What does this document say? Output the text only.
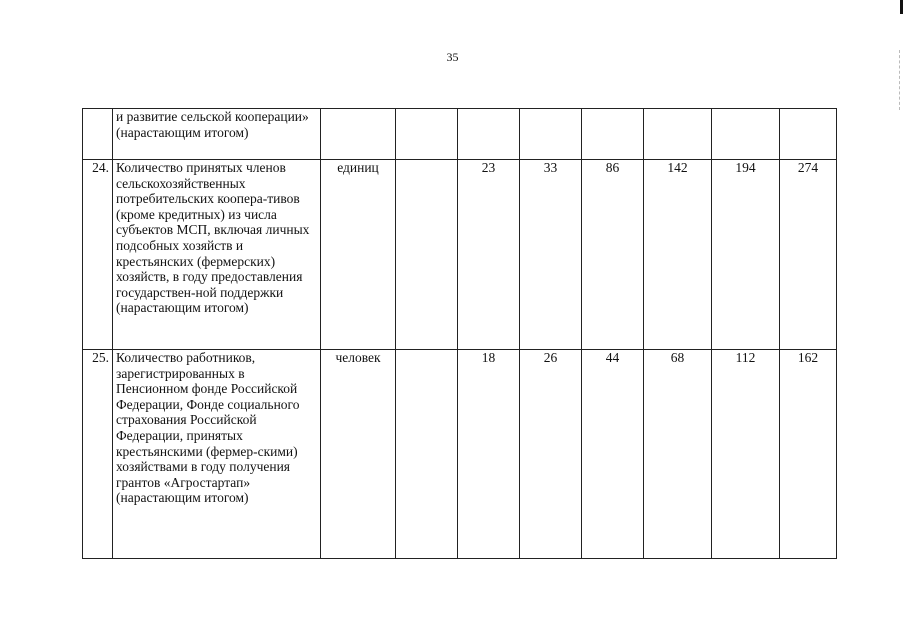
35
	и развитие сельской кооперации» (нарастающим итогом)								
24.	Количество принятых членов сельскохозяйственных потребительских коопера-тивов (кроме кредитных) из числа субъектов МСП, включая личных подсобных хозяйств и крестьянских (фермерских) хозяйств, в году предоставления государствен-ной поддержки (нарастающим итогом)	единиц		23	33	86	142	194	274
25.	Количество работников, зарегистрированных в Пенсионном фонде Российской Федерации, Фонде социального страхования Российской Федерации, принятых крестьянскими (фермер-скими) хозяйствами в году получения грантов «Агростартап» (нарастающим итогом)	человек		18	26	44	68	112	162
